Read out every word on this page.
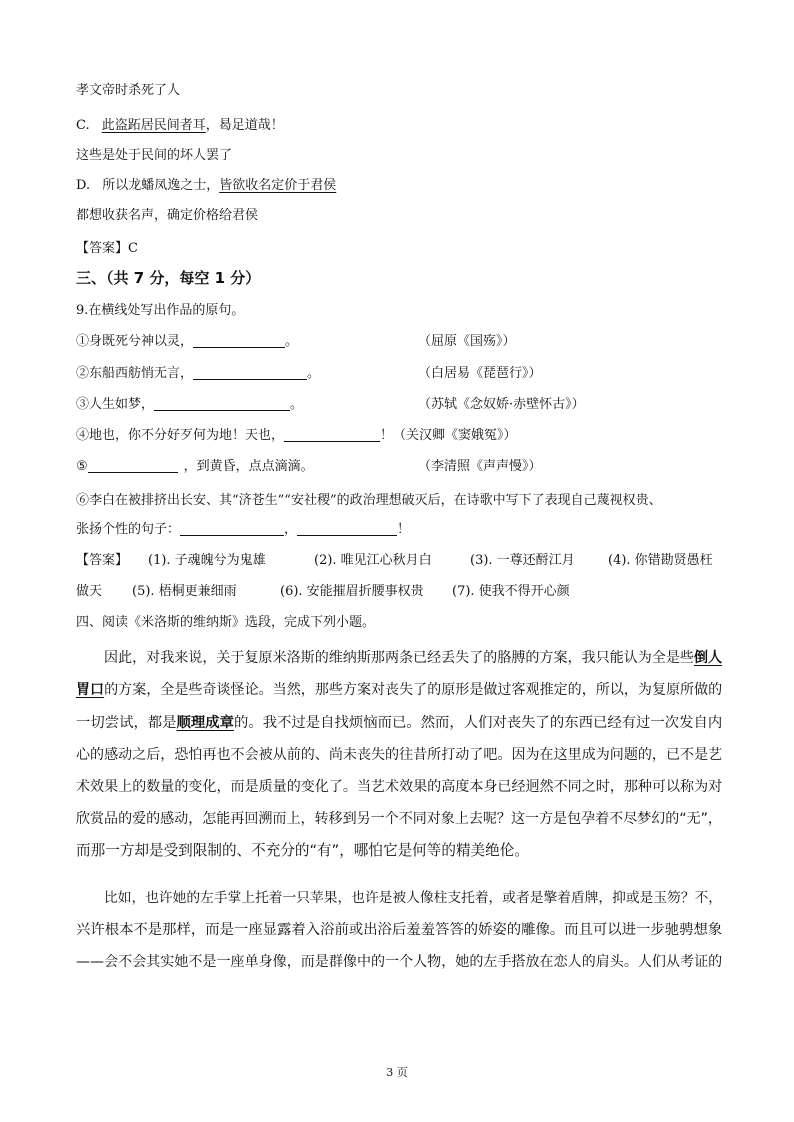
孝文帝时杀死了人
C. 此盗跖居民间者耳，曷足道哉！
这些是处于民间的坏人罢了
D. 所以龙蟠凤逸之士，皆欲收名定价于君侯
都想收获名声，确定价格给君侯
【答案】C
三、（共 7 分，每空 1 分）
9.在横线处写出作品的原句。
①身既死兮神以灵，	。	（屈原《国殇》）
②东船西舫悄无言，	。	（白居易《琵琶行》）
③人生如梦，	。	（苏轼《念奴娇·赤壁怀古》）
④地也，你不分好歹何为地！天也，	！（关汉卿《窦娥冤》）
⑤	，到黄昏，点点滴滴。	（李清照《声声慢》）
⑥李白在被排挤出长安、其“济苍生”“安社稷”的政治理想破灭后，在诗歌中写下了表现自己蔑视权贵、
张扬个性的句子：	，	！
【答案】 (1). 子魂魄兮为鬼雄	(2). 唯见江心秋月白	(3). 一尊还酹江月	(4). 你错勘贤愚枉
做天 (5). 梧桐更兼细雨	(6). 安能摧眉折腰事权贵 (7). 使我不得开心颜
四、阅读《米洛斯的维纳斯》选段，完成下列小题。
因此，对我来说，关于复原米洛斯的维纳斯那两条已经丢失了的胳膊的方案，我只能认为全是些倒人
胃口的方案，全是些奇谈怪论。当然，那些方案对丧失了的原形是做过客观推定的，所以，为复原所做的
一切尝试，都是顺理成章的。我不过是自找烦恼而已。然而，人们对丧失了的东西已经有过一次发自内
心的感动之后，恐怕再也不会被从前的、尚未丧失的往昔所打动了吧。因为在这里成为问题的，已不是艺
术效果上的数量的变化，而是质量的变化了。当艺术效果的高度本身已经迥然不同之时，那种可以称为对
欣赏品的爱的感动，怎能再回溯而上，转移到另一个不同对象上去呢？这一方是包孕着不尽梦幻的“无”，
而那一方却是受到限制的、不充分的“有”，哪怕它是何等的精美绝伦。
比如，也许她的左手掌上托着一只苹果，也许是被人像柱支托着，或者是擎着盾牌，抑或是玉笏？不，
兴许根本不是那样，而是一座显露着入浴前或出浴后羞羞答答的娇姿的雕像。而且可以进一步驰骋想象
——会不会其实她不是一座单身像，而是群像中的一个人物，她的左手搭放在恋人的肩头。人们从考证的
3 页
